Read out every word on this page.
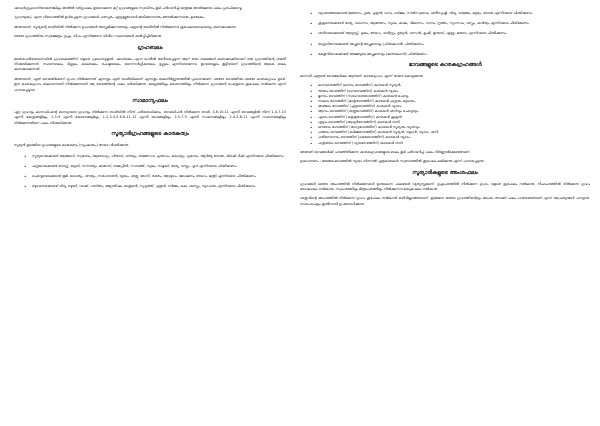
ഷഡ്വർഗ്ഗപ്രധാനിയാണെങ്കിലും അതിൽ വർഗ്ഗഫലം ഇടയാക്കുന്ന മറ്റ് ഗ്രഹങ്ങളുടെ സ്വാധീനം കൂടി പരിഗണിച്ച് മാത്രമേ അന്തിമമായ ഫലം പ്രവചിക്കാവൂ.

'ഗ്രഹയുദ്ധം' എന്ന വിഭാഗത്തിൽ ഉൾപ്പെടുന്ന ഗ്രഹങ്ങൾ പരസ്പരം ഏറ്റുമുട്ടുമ്പോൾ ജയിക്കുന്നവനും തോൽക്കുന്നവനും ഉണ്ടാകും.

അതായത്, സൂര്യന്റെ രാശിയിൽ നിൽക്കുന്ന ഗ്രഹങ്ങൾ അസ്തമിക്കുന്നതായും ചന്ദ്രന്റെ രാശിയിൽ നിൽക്കുന്നവ ശുഭഫലദായകരായും കണക്കാക്കുന്നു.

ഓരോ ഗ്രഹത്തിനും സ്വക്ഷേത്രം, ഉച്ചം, നീചം എന്നിങ്ങനെ വിവിധ സ്ഥാനങ്ങൾ കൽപ്പിച്ചിരിക്കുന്നു.

ഗ്രഹബലം

ജാതകപരിശോധനയിൽ ഗ്രഹബലത്തിന് വളരെ പ്രാധാന്യമുണ്ട്. ഷഡ്ബലം എന്ന പേരിൽ അറിയപ്പെടുന്ന ആറ് തരം ബലങ്ങൾ കണക്കാക്കിയാണ് ഒരു ഗ്രഹത്തിന്റെ ശക്തി നിശ്ചയിക്കുന്നത്. സ്ഥാനബലം, ദിഗ്ബലം, കാലബലം, ചേഷ്ടാബലം, നൈസർഗ്ഗികബലം, ദൃഗ്ബലം എന്നിവയാണവ. ഇവയെല്ലാം കൂട്ടിയാണ് ഗ്രഹത്തിന്റെ ആകെ ബലം കണക്കാക്കുന്നത്.

അതായത്, ഏത് ഭാവത്തിലാണ് ഗ്രഹം നിൽക്കുന്നത് എന്നതും ഏത് രാശിയിലാണ് എന്നതും ബലനിർണ്ണയത്തിൽ പ്രധാനമാണ്. ഓരോ ഭാവത്തിനും ഓരോ കാരകഗ്രഹം ഉണ്ട്. ഈ കാരകഗ്രഹം ബലവാനായി നിൽക്കുമ്പോൾ ആ ഭാവത്തിന്റെ ഫലം വർദ്ധിക്കുന്നു. കേന്ദ്രത്തിലും കോണത്തിലും നിൽക്കുന്ന ഗ്രഹങ്ങൾ പൊതുവെ ശുഭഫലം നൽകുന്നു എന്ന് പറയപ്പെടുന്നു.

സാമാന്യഫലം

ഏറ്റ ഗ്രഹവും ലഗ്നാധിപന്റെ ബന്ധുവായ ഗ്രഹവും നിൽക്കുന്ന രാശിയിൽ നിന്ന് പരിശോധിക്കാം. ഭാവാധിപൻ നിൽക്കുന്ന രാശി, 3-6-10-11 എന്നീ ഭാവങ്ങളിൽ നിന്ന് 1-4-7-10 എന്നീ കേന്ദ്രങ്ങളിലും, 1-5-9 എന്നീ കോണങ്ങളിലും, 1-2-3-4-5-6-8-11-12 എന്നീ ഭാവങ്ങളിലും, 2-5-7-9 എന്നീ സ്ഥാനങ്ങളിലും, 2-4-5-8-11 എന്നീ സ്ഥാനങ്ങളിലും നിൽക്കുന്നതിനെ ഫലം നിശ്ചയിക്കുന്നു.

സൂര്യാദിഗ്രഹങ്ങളുടെ കാരകത്വം

സൂര്യൻ തുടങ്ങിയ ഗ്രഹങ്ങളുടെ കാരകത്വം (സൂചകത്വം) താഴെ വിവരിക്കുന്നു.

• സൂര്യനെക്കൊണ്ട് ആത്മാവ്, സ്വഭാവം, ആരോഗ്യം, പിതാവ്, ശൗര്യം, രാജസേവ, പ്രതാപം, ധൈര്യം, പ്രഭാവം, ആദിത്യ ദേവത, കിഴക്ക് ദിക്ക് എന്നിവയെ ചിന്തിക്കണം.
• ചന്ദ്രനെക്കൊണ്ട് മനസ്സ്, ബുദ്ധി, സൗന്ദര്യം, മാതാവ്, രാജപ്രീതി, സമ്പത്ത്, സുഖം, സമൃദ്ധി, ഭാര്യ, വസ്ത്രം, പൂവ് എന്നിവയെ ചിന്തിക്കണം.
• ചൊവ്വയെക്കൊണ്ട് ഭൂമി, ധൈര്യം, ശൗര്യം, സഹോദരൻ, യുദ്ധം, ശത്രു, അഗ്നി, രക്തം, ആയുധം, മോഷണം, രോഗം, മന്ത്രി എന്നിവയെ ചിന്തിക്കണം.
• ബുധനെക്കൊണ്ട് വിദ്യ, ബുദ്ധി, വാക്ക്, ഗണിതം, ജ്യോതിഷം, മാതുലൻ, സുഹൃത്ത്, പുത്രൻ, നർമ്മം, കല, ശാസ്ത്രം, വ്യാപാരം എന്നിവയെ ചിന്തിക്കണം.
• വ്യാഴത്തെക്കൊണ്ട് ജ്ഞാനം, ഗുരു, പുത്രൻ, ധനം, ധർമ്മം, സൽസ്വഭാവം, ശരീരപുഷ്ടി, വിദ്യ, യജ്ഞം, മന്ത്രം, ദേവത എന്നിവയെ ചിന്തിക്കണം.
• ശുക്രനെക്കൊണ്ട് ഭാര്യ, വാഹനം, ആഭരണം, സുഖം, കാമം, വിലാസം, ഗാനം, നൃത്തം, സുഗന്ധം, വസ്ത്രം, കവിത്വം എന്നിവയെ ചിന്തിക്കണം.
• ശനിയെക്കൊണ്ട് ആയുസ്സ്, ദുഃഖം, രോഗം, ദാരിദ്ര്യം, ഭൃത്യൻ, ദാസൻ, കൃഷി, ഇരുമ്പ്, എണ്ണ, മരണം എന്നിവയെ ചിന്തിക്കണം.
• രാഹുവിനെക്കൊണ്ട് അച്ഛന്റെ അച്ഛനെയും (പിതാമഹൻ) ചിന്തിക്കണം.
• കേതുവിനെക്കൊണ്ട് അമ്മയുടെ അച്ഛനെയും (മാതാമഹൻ) ചിന്തിക്കണം.
ഭാവങ്ങളുടെ കാരകഗ്രഹങ്ങൾ

ലഗ്നാദി പന്ത്രണ്ട് ഭാവങ്ങൾക്കും ആരാണ് കാരകഗ്രഹം എന്ന് താഴെ കൊടുക്കുന്നു:

• ലഗ്നഭാവത്തിന് (ഒന്നാം ഭാവത്തിന്) കാരകൻ സൂര്യൻ.
• രണ്ടാം ഭാവത്തിന് (ധനഭാവത്തിന്) കാരകൻ വ്യാഴം.
• മൂന്നാം ഭാവത്തിന് (സഹോദരഭാവത്തിന്) കാരകൻ ചൊവ്വ.
• നാലാം ഭാവത്തിന് (മാതൃഭാവത്തിന്) കാരകൻ ചന്ദ്രനും ബുധനും.
• അഞ്ചാം ഭാവത്തിന് (പുത്രഭാവത്തിന്) കാരകൻ വ്യാഴം.
• ആറാം ഭാവത്തിന് (ശത്രുഭാവത്തിന്) കാരകൻ ശനിയും ചൊവ്വയും.
• ഏഴാം ഭാവത്തിന് (കളത്രഭാവത്തിന്) കാരകൻ ശുക്രൻ.
• എട്ടാം ഭാവത്തിന് (ആയുർഭാവത്തിന്) കാരകൻ ശനി.
• ഒമ്പതാം ഭാവത്തിന് (ഭാഗ്യഭാവത്തിന്) കാരകൻ സൂര്യനും വ്യാഴവും.
• പത്താം ഭാവത്തിന് (കർമ്മഭാവത്തിന്) കാരകൻ സൂര്യൻ, ബുധൻ, വ്യാഴം, ശനി.
• പതിനൊന്നാം ഭാവത്തിന് (ലാഭഭാവത്തിന്) കാരകൻ വ്യാഴം.
• പന്ത്രണ്ടാം ഭാവത്തിന് (വ്യയഭാവത്തിന്) കാരകൻ ശനി.

അതാത് ഭാവങ്ങൾക്ക് പറഞ്ഞിരിക്കുന്ന കാരകഗ്രഹങ്ങളുടെ ബലം കൂടി പരിഗണിച്ച് ഫലം നിർണ്ണയിക്കേണ്ടതാണ്.

ഉദാഹരണം : അഞ്ചാംഭാവത്തിൽ വ്യാഴം നിന്നാൽ പുത്രകാരകൻ സ്വഭാവത്തിൽ ശുഭഫലം ലഭിക്കുന്നു എന്ന് പറയപ്പെടുന്നു.

സൂര്യാദികളുടെ അംശഫലം

ഗ്രഹങ്ങൾ ഓരോ അംശത്തിൽ നിൽക്കുമ്പോൾ ഉണ്ടാകുന്ന ഫലങ്ങൾ വ്യത്യസ്തമാണ്. ഉച്ചാംശത്തിൽ നിൽക്കുന്ന ഗ്രഹം വളരെ ശുഭഫലം നൽകുന്നു. നീചാംശത്തിൽ നിൽക്കുന്ന ഗ്രഹം ദോഷഫലം നൽകുന്നു. സ്വാംശത്തിലും മിത്രാംശത്തിലും നിൽക്കുന്നവ മദ്ധ്യമഫലം നൽകുന്നു.

ശത്രുവിന്റെ അംശത്തിൽ നിൽക്കുന്ന ഗ്രഹം ശുഭഫലം നൽകാൻ കഴിവില്ലാത്തതാണ്. ഇങ്ങനെ ഓരോ ഗ്രഹത്തിന്റെയും അംശം നോക്കി ഫലം പറയേണ്ടതാണ് എന്ന് ആചാര്യന്മാർ പറയുന്നു. നവാംശചക്രം ഇതിനായി ഉപയോഗിക്കുന്നു.
